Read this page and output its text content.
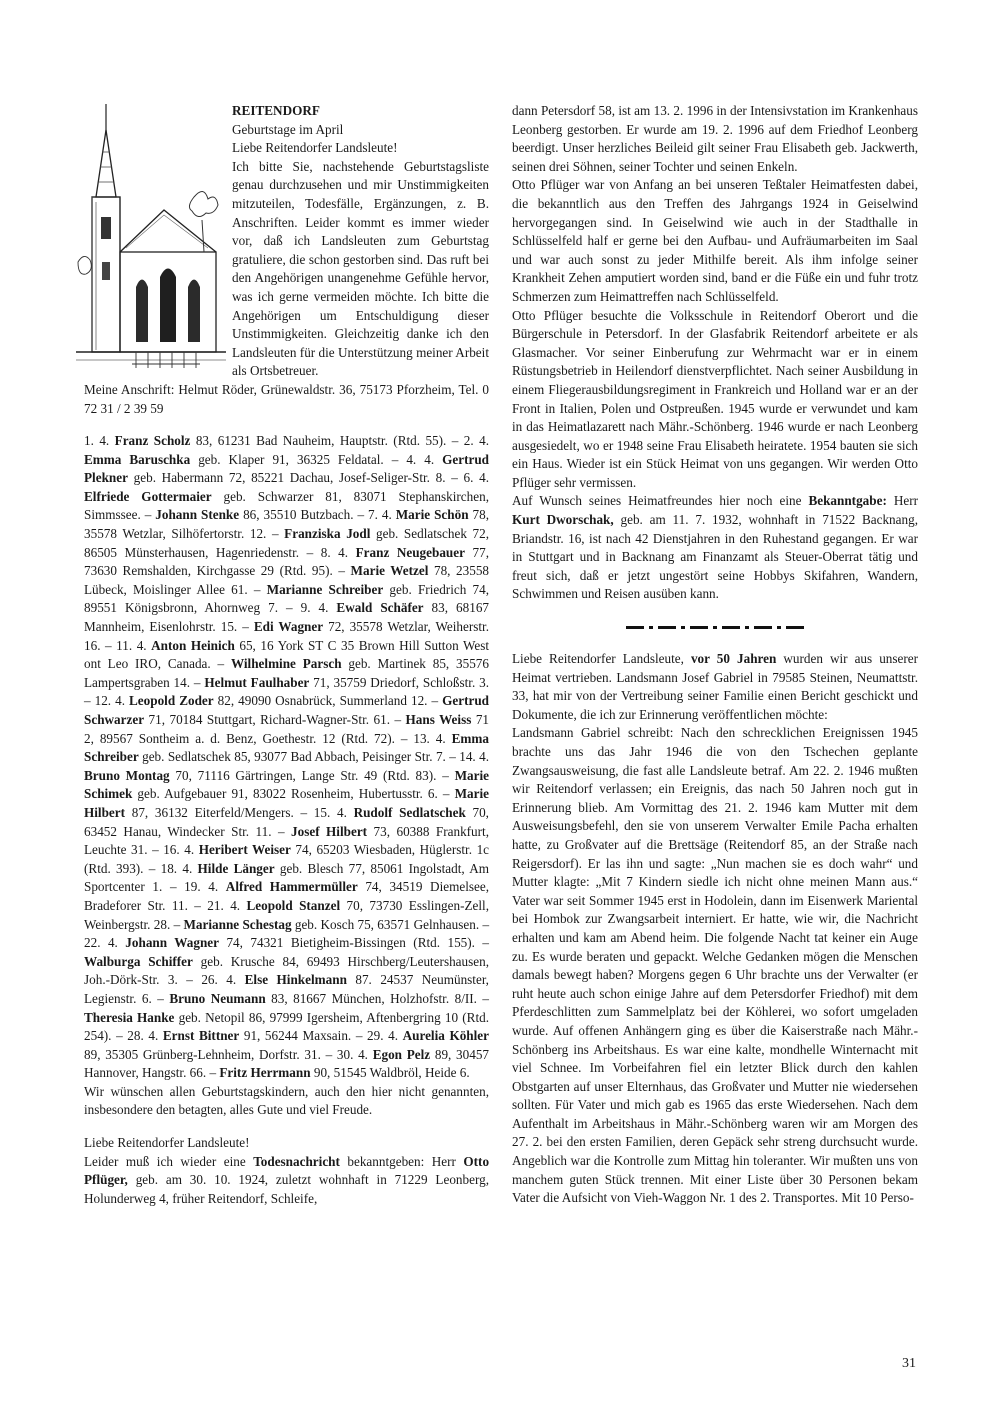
REITENDORF

Geburtstage im April

Liebe Reitendorfer Landsleute!

Ich bitte Sie, nachstehende Geburtstagsliste genau durchzusehen und mir Unstimmigkeiten mitzuteilen, Todesfälle, Ergänzungen, z. B. Anschriften. Leider kommt es immer wieder vor, daß ich Landsleuten zum Geburtstag gratuliere, die schon gestorben sind. Das ruft bei den Angehörigen unangenehme Gefühle hervor, was ich gerne vermeiden möchte. Ich bitte die Angehörigen um Entschuldigung dieser Unstimmigkeiten. Gleichzeitig danke ich den Landsleuten für die Unterstützung meiner Arbeit als Ortsbetreuer.

Meine Anschrift: Helmut Röder, Grünewaldstr. 36, 75173 Pforzheim, Tel. 0 72 31 / 2 39 59

1. 4. Franz Scholz 83, 61231 Bad Nauheim, Hauptstr. (Rtd. 55). – 2. 4. Emma Baruschka geb. Klaper 91, 36325 Feldatal. – 4. 4. Gertrud Plekner geb. Habermann 72, 85221 Dachau, Josef-Seliger-Str. 8. – 6. 4. Elfriede Gottermaier geb. Schwarzer 81, 83071 Stephanskirchen, Simmssee. – Johann Stenke 86, 35510 Butzbach. – 7. 4. Marie Schön 78, 35578 Wetzlar, Silhöfertorstr. 12. – Franziska Jodl geb. Sedlatschek 72, 86505 Münsterhausen, Hagenriedenstr. – 8. 4. Franz Neugebauer 77, 73630 Remshalden, Kirchgasse 29 (Rtd. 95). – Marie Wetzel 78, 23558 Lübeck, Moislinger Allee 61. – Marianne Schreiber geb. Friedrich 74, 89551 Königsbronn, Ahornweg 7. – 9. 4. Ewald Schäfer 83, 68167 Mannheim, Eisenlohrstr. 15. – Edi Wagner 72, 35578 Wetzlar, Weiherstr. 16. – 11. 4. Anton Heinich 65, 16 York ST C 35 Brown Hill Sutton West ont Leo IRO, Canada. – Wilhelmine Parsch geb. Martinek 85, 35576 Lampertsgraben 14. – Helmut Faulhaber 71, 35759 Driedorf, Schloßstr. 3. – 12. 4. Leopold Zoder 82, 49090 Osnabrück, Summerland 12. – Gertrud Schwarzer 71, 70184 Stuttgart, Richard-Wagner-Str. 61. – Hans Weiss 71 2, 89567 Sontheim a. d. Benz, Goethestr. 12 (Rtd. 72). – 13. 4. Emma Schreiber geb. Sedlatschek 85, 93077 Bad Abbach, Peisinger Str. 7. – 14. 4. Bruno Montag 70, 71116 Gärtringen, Lange Str. 49 (Rtd. 83). – Marie Schimek geb. Aufgebauer 91, 83022 Rosenheim, Hubertusstr. 6. – Marie Hilbert 87, 36132 Eiterfeld/Mengers. – 15. 4. Rudolf Sedlatschek 70, 63452 Hanau, Windecker Str. 11. – Josef Hilbert 73, 60388 Frankfurt, Leuchte 31. – 16. 4. Heribert Weiser 74, 65203 Wiesbaden, Hüglerstr. 1c (Rtd. 393). – 18. 4. Hilde Länger geb. Blesch 77, 85061 Ingolstadt, Am Sportcenter 1. – 19. 4. Alfred Hammermüller 74, 34519 Diemelsee, Bradeforer Str. 11. – 21. 4. Leopold Stanzel 70, 73730 Esslingen-Zell, Weinbergstr. 28. – Marianne Schestag geb. Kosch 75, 63571 Gelnhausen. – 22. 4. Johann Wagner 74, 74321 Bietigheim-Bissingen (Rtd. 155). – Walburga Schiffer geb. Krusche 84, 69493 Hirschberg/Leutershausen, Joh.-Dörk-Str. 3. – 26. 4. Else Hinkelmann 87. 24537 Neumünster, Legienstr. 6. – Bruno Neumann 83, 81667 München, Holzhofstr. 8/II. – Theresia Hanke geb. Netopil 86, 97999 Igersheim, Aftenbergring 10 (Rtd. 254). – 28. 4. Ernst Bittner 91, 56244 Maxsain. – 29. 4. Aurelia Köhler 89, 35305 Grünberg-Lehnheim, Dorfstr. 31. – 30. 4. Egon Pelz 89, 30457 Hannover, Hangstr. 66. – Fritz Herrmann 90, 51545 Waldbröl, Heide 6.

Wir wünschen allen Geburtstagskindern, auch den hier nicht genannten, insbesondere den betagten, alles Gute und viel Freude.

Liebe Reitendorfer Landsleute!

Leider muß ich wieder eine Todesnachricht bekanntgeben: Herr Otto Pflüger, geb. am 30. 10. 1924, zuletzt wohnhaft in 71229 Leonberg, Holunderweg 4, früher Reitendorf, Schleife,

dann Petersdorf 58, ist am 13. 2. 1996 in der Intensivstation im Krankenhaus Leonberg gestorben. Er wurde am 19. 2. 1996 auf dem Friedhof Leonberg beerdigt. Unser herzliches Beileid gilt seiner Frau Elisabeth geb. Jackwerth, seinen drei Söhnen, seiner Tochter und seinen Enkeln.

Otto Pflüger war von Anfang an bei unseren Teßtaler Heimatfesten dabei, die bekanntlich aus den Treffen des Jahrgangs 1924 in Geiselwind hervorgegangen sind. In Geiselwind wie auch in der Stadthalle in Schlüsselfeld half er gerne bei den Aufbau- und Aufräumarbeiten im Saal und war auch sonst zu jeder Mithilfe bereit. Als ihm infolge seiner Krankheit Zehen amputiert worden sind, band er die Füße ein und fuhr trotz Schmerzen zum Heimattreffen nach Schlüsselfeld.

Otto Pflüger besuchte die Volksschule in Reitendorf Oberort und die Bürgerschule in Petersdorf. In der Glasfabrik Reitendorf arbeitete er als Glasmacher. Vor seiner Einberufung zur Wehrmacht war er in einem Rüstungsbetrieb in Heilendorf dienstverpflichtet. Nach seiner Ausbildung in einem Fliegerausbildungsregiment in Frankreich und Holland war er an der Front in Italien, Polen und Ostpreußen. 1945 wurde er verwundet und kam in das Heimatlazarett nach Mähr.-Schönberg. 1946 wurde er nach Leonberg ausgesiedelt, wo er 1948 seine Frau Elisabeth heiratete. 1954 bauten sie sich ein Haus. Wieder ist ein Stück Heimat von uns gegangen. Wir werden Otto Pflüger sehr vermissen.

Auf Wunsch seines Heimatfreundes hier noch eine Bekanntgabe: Herr Kurt Dworschak, geb. am 11. 7. 1932, wohnhaft in 71522 Backnang, Briandstr. 16, ist nach 42 Dienstjahren in den Ruhestand gegangen. Er war in Stuttgart und in Backnang am Finanzamt als Steuer-Oberrat tätig und freut sich, daß er jetzt ungestört seine Hobbys Skifahren, Wandern, Schwimmen und Reisen ausüben kann.

Liebe Reitendorfer Landsleute, vor 50 Jahren wurden wir aus unserer Heimat vertrieben. Landsmann Josef Gabriel in 79585 Steinen, Neumattstr. 33, hat mir von der Vertreibung seiner Familie einen Bericht geschickt und Dokumente, die ich zur Erinnerung veröffentlichen möchte:

Landsmann Gabriel schreibt: Nach den schrecklichen Ereignissen 1945 brachte uns das Jahr 1946 die von den Tschechen geplante Zwangsausweisung, die fast alle Landsleute betraf. Am 22. 2. 1946 mußten wir Reitendorf verlassen; ein Ereignis, das nach 50 Jahren noch gut in Erinnerung blieb. Am Vormittag des 21. 2. 1946 kam Mutter mit dem Ausweisungsbefehl, den sie von unserem Verwalter Emile Pacha erhalten hatte, zu Großvater auf die Brettsäge (Reitendorf 85, an der Straße nach Reigersdorf). Er las ihn und sagte: „Nun machen sie es doch wahr“ und Mutter klagte: „Mit 7 Kindern siedle ich nicht ohne meinen Mann aus.“ Vater war seit Sommer 1945 erst in Hodolein, dann im Eisenwerk Mariental bei Hombok zur Zwangsarbeit interniert. Er hatte, wie wir, die Nachricht erhalten und kam am Abend heim. Die folgende Nacht tat keiner ein Auge zu. Es wurde beraten und gepackt. Welche Gedanken mögen die Menschen damals bewegt haben? Morgens gegen 6 Uhr brachte uns der Verwalter (er ruht heute auch schon einige Jahre auf dem Petersdorfer Friedhof) mit dem Pferdeschlitten zum Sammelplatz bei der Köhlerei, wo sofort umgeladen wurde. Auf offenen Anhängern ging es über die Kaiserstraße nach Mähr.-Schönberg ins Arbeitshaus. Es war eine kalte, mondhelle Winternacht mit viel Schnee. Im Vorbeifahren fiel ein letzter Blick durch den kahlen Obstgarten auf unser Elternhaus, das Großvater und Mutter nie wiedersehen sollten. Für Vater und mich gab es 1965 das erste Wiedersehen. Nach dem Aufenthalt im Arbeitshaus in Mähr.-Schönberg waren wir am Morgen des 27. 2. bei den ersten Familien, deren Gepäck sehr streng durchsucht wurde. Angeblich war die Kontrolle zum Mittag hin toleranter. Wir mußten uns von manchem guten Stück trennen. Mit einer Liste über 30 Personen bekam Vater die Aufsicht von Vieh-Waggon Nr. 1 des 2. Transportes. Mit 10 Perso-

31
